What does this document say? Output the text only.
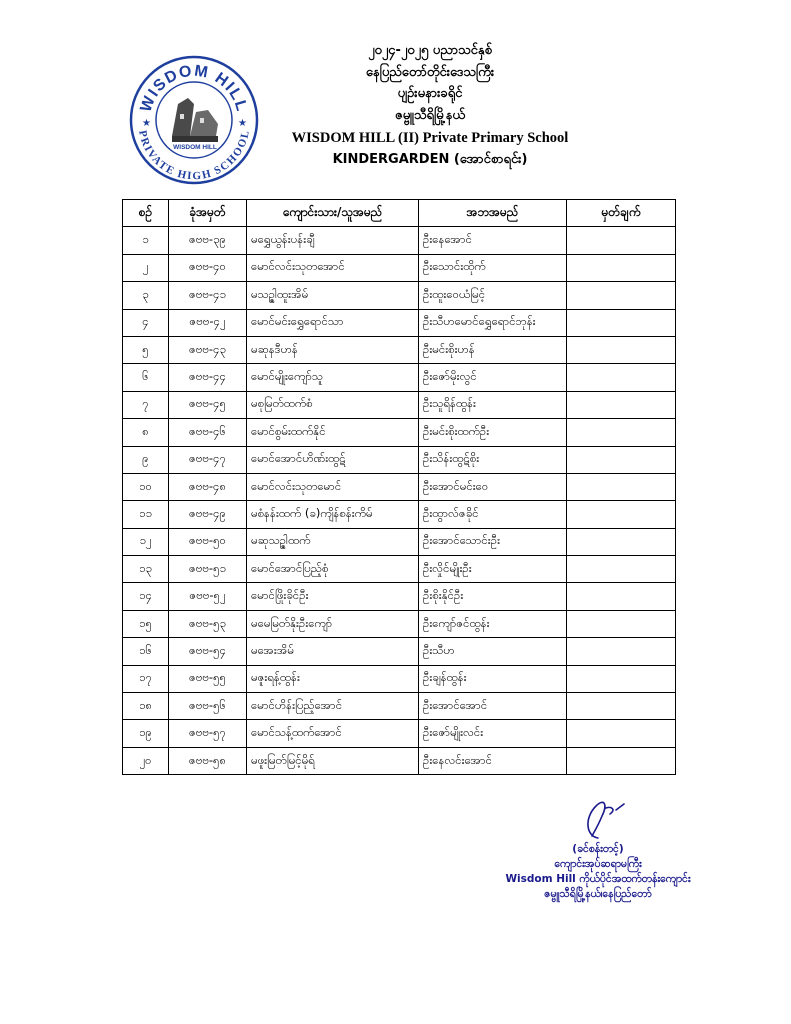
WISDOM HILL
PRIVATE HIGH SCHOOL
★	★
WISDOM HILL
၂၀၂၄-၂၀၂၅ ပညာသင်နှစ်
နေပြည်တော်တိုင်းဒေသကြီး
ပျဉ်းမနားခရိုင်
ဇမ္ဗူသီရိမြို့နယ်
WISDOM HILL (II) Private Primary School
KINDERGARDEN (အောင်စာရင်း)
စဉ်	ခုံအမှတ်	ကျောင်းသား/သူအမည်	အဘအမည်	မှတ်ချက်
၁	ဇဗဗ-၃၉	မရွှေယွန်းပန်းချီ	ဦးနေအောင်	
၂	ဇဗဗ-၄၀	မောင်လင်းသုတအောင်	ဦးသောင်းထိုက်	
၃	ဇဗဗ-၄၁	မသဉ္ဇါထူးအိမ်	ဦးထူးဝေယံမြင့်	
၄	ဇဗဗ-၄၂	မောင်မင်းရွှေရောင်သာ	ဦးသီဟမောင်ရွှေရောင်ဘုန်း	
၅	ဇဗဗ-၄၃	မဆုနဒီဟန်	ဦးမင်းစိုးဟန်	
၆	ဇဗဗ-၄၄	မောင်မျိုးကျော်သူ	ဦးဇော်မိုးလွင်	
၇	ဇဗဗ-၄၅	မစုမြတ်ထက်စံ	ဦးသူရိန်ထွန်း	
၈	ဇဗဗ-၄၆	မောင်စွမ်းထက်နိုင်	ဦးမင်းစိုးထက်ဦး	
၉	ဇဗဗ-၄၇	မောင်အောင်ဟိဏ်းထွဋ်	ဦးသိန်းထွဋ်စိုး	
၁၀	ဇဗဗ-၄၈	မောင်လင်းသုတမောင်	ဦးအောင်မင်းဝေ	
၁၁	ဇဗဗ-၄၉	မစံနန်းထက် (ခ)ကျိန်စန်းကိမ်	ဦးထွာလ်ဇခိုင်	
၁၂	ဇဗဗ-၅၀	မဆုသဉ္ဇါထက်	ဦးအောင်သောင်းဦး	
၁၃	ဇဗဗ-၅၁	မောင်အောင်ပြည့်စုံ	ဦးလှိုင်မျိုးဦး	
၁၄	ဇဗဗ-၅၂	မောင်ဖြိုးခိုင်ဦး	ဦးစိုးနိုင်ဦး	
၁၅	ဇဗဗ-၅၃	မမေမြတ်နိုးဦးကျော်	ဦးကျော်ဇင်ထွန်း	
၁၆	ဇဗဗ-၅၄	မအေးအိမ်	ဦးသီဟ	
၁၇	ဇဗဗ-၅၅	မဇူးရန့်ထွန်း	ဦးချန်ထွန်း	
၁၈	ဇဗဗ-၅၆	မောင်ဟိန်းပြည့်အောင်	ဦးအောင်အောင်	
၁၉	ဇဗဗ-၅၇	မောင်သန့်ထက်အောင်	ဦးဇော်မျိုးလင်း	
၂၀	ဇဗဗ-၅၈	မဖူးမြတ်မြင့်မိုရ်	ဦးနေလင်းအောင်	
(ခင်စန်းတင့်)
ကျောင်းအုပ်ဆရာမကြီး
Wisdom Hill ကိုယ်ပိုင်အထက်တန်းကျောင်း
ဇမ္ဗူသီရိမြို့နယ်၊နေပြည်တော်
